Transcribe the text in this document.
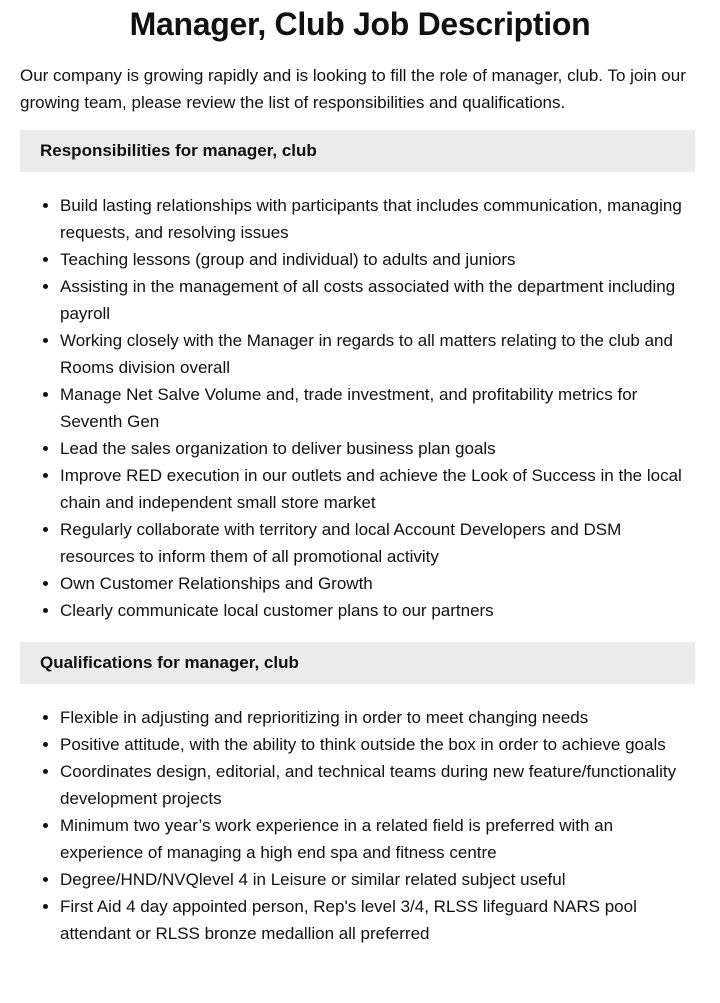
Manager, Club Job Description

Our company is growing rapidly and is looking to fill the role of manager, club. To join our growing team, please review the list of responsibilities and qualifications.

Responsibilities for manager, club
• Build lasting relationships with participants that includes communication, managing requests, and resolving issues
• Teaching lessons (group and individual) to adults and juniors
• Assisting in the management of all costs associated with the department including payroll
• Working closely with the Manager in regards to all matters relating to the club and Rooms division overall
• Manage Net Salve Volume and, trade investment, and profitability metrics for Seventh Gen
• Lead the sales organization to deliver business plan goals
• Improve RED execution in our outlets and achieve the Look of Success in the local chain and independent small store market
• Regularly collaborate with territory and local Account Developers and DSM resources to inform them of all promotional activity
• Own Customer Relationships and Growth
• Clearly communicate local customer plans to our partners
Qualifications for manager, club
• Flexible in adjusting and reprioritizing in order to meet changing needs
• Positive attitude, with the ability to think outside the box in order to achieve goals
• Coordinates design, editorial, and technical teams during new feature/functionality development projects
• Minimum two year’s work experience in a related field is preferred with an experience of managing a high end spa and fitness centre
• Degree/HND/NVQlevel 4 in Leisure or similar related subject useful
• First Aid 4 day appointed person, Rep's level 3/4, RLSS lifeguard NARS pool attendant or RLSS bronze medallion all preferred
